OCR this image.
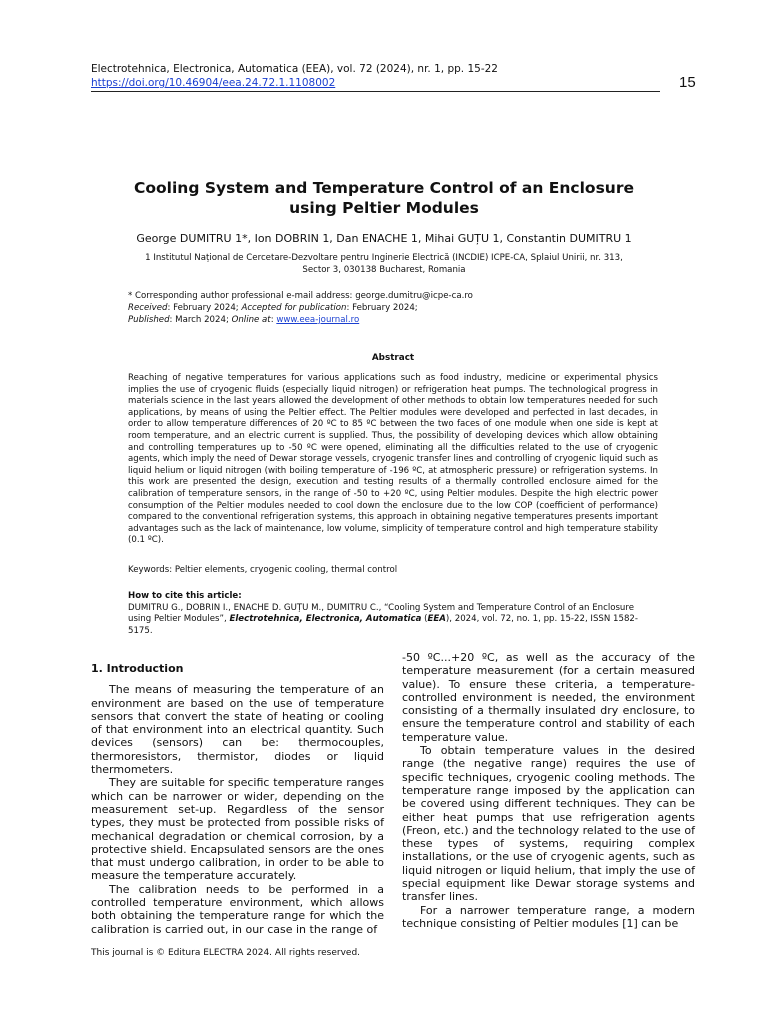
Electrotehnica, Electronica, Automatica (EEA), vol. 72 (2024), nr. 1, pp. 15-22
https://doi.org/10.46904/eea.24.72.1.1108002	15
Cooling System and Temperature Control of an Enclosure using Peltier Modules
George DUMITRU 1*, Ion DOBRIN 1, Dan ENACHE 1, Mihai GUȚU 1, Constantin DUMITRU 1
1 Institutul Național de Cercetare-Dezvoltare pentru Inginerie Electrică (INCDIE) ICPE-CA, Splaiul Unirii, nr. 313,
Sector 3, 030138 Bucharest, Romania
* Corresponding author professional e-mail address: george.dumitru@icpe-ca.ro
Received: February 2024; Accepted for publication: February 2024;
Published: March 2024; Online at: www.eea-journal.ro
Abstract
Reaching of negative temperatures for various applications such as food industry, medicine or experimental physics implies the use of cryogenic fluids (especially liquid nitrogen) or refrigeration heat pumps. The technological progress in materials science in the last years allowed the development of other methods to obtain low temperatures needed for such applications, by means of using the Peltier effect. The Peltier modules were developed and perfected in last decades, in order to allow temperature differences of 20 ºC to 85 ºC between the two faces of one module when one side is kept at room temperature, and an electric current is supplied. Thus, the possibility of developing devices which allow obtaining and controlling temperatures up to -50 ºC were opened, eliminating all the difficulties related to the use of cryogenic agents, which imply the need of Dewar storage vessels, cryogenic transfer lines and controlling of cryogenic liquid such as liquid helium or liquid nitrogen (with boiling temperature of -196 ºC, at atmospheric pressure) or refrigeration systems. In this work are presented the design, execution and testing results of a thermally controlled enclosure aimed for the calibration of temperature sensors, in the range of -50 to +20 ºC, using Peltier modules. Despite the high electric power consumption of the Peltier modules needed to cool down the enclosure due to the low COP (coefficient of performance) compared to the conventional refrigeration systems, this approach in obtaining negative temperatures presents important advantages such as the lack of maintenance, low volume, simplicity of temperature control and high temperature stability (0.1 ºC).
Keywords: Peltier elements, cryogenic cooling, thermal control
How to cite this article:
DUMITRU G., DOBRIN I., ENACHE D. GUȚU M., DUMITRU C., “Cooling System and Temperature Control of an Enclosure using Peltier Modules”, Electrotehnica, Electronica, Automatica (EEA), 2024, vol. 72, no. 1, pp. 15-22, ISSN 1582-5175.
1. Introduction

The means of measuring the temperature of an environment are based on the use of temperature sensors that convert the state of heating or cooling of that environment into an electrical quantity. Such devices (sensors) can be: thermocouples, thermoresistors, thermistor, diodes or liquid thermometers.

They are suitable for specific temperature ranges which can be narrower or wider, depending on the measurement set-up. Regardless of the sensor types, they must be protected from possible risks of mechanical degradation or chemical corrosion, by a protective shield. Encapsulated sensors are the ones that must undergo calibration, in order to be able to measure the temperature accurately.

The calibration needs to be performed in a controlled temperature environment, which allows both obtaining the temperature range for which the calibration is carried out, in our case in the range of

-50 ºC...+20 ºC, as well as the accuracy of the temperature measurement (for a certain measured value). To ensure these criteria, a temperature-controlled environment is needed, the environment consisting of a thermally insulated dry enclosure, to ensure the temperature control and stability of each temperature value.

To obtain temperature values in the desired range (the negative range) requires the use of specific techniques, cryogenic cooling methods. The temperature range imposed by the application can be covered using different techniques. They can be either heat pumps that use refrigeration agents (Freon, etc.) and the technology related to the use of these types of systems, requiring complex installations, or the use of cryogenic agents, such as liquid nitrogen or liquid helium, that imply the use of special equipment like Dewar storage systems and transfer lines.

For a narrower temperature range, a modern technique consisting of Peltier modules [1] can be

This journal is © Editura ELECTRA 2024. All rights reserved.
